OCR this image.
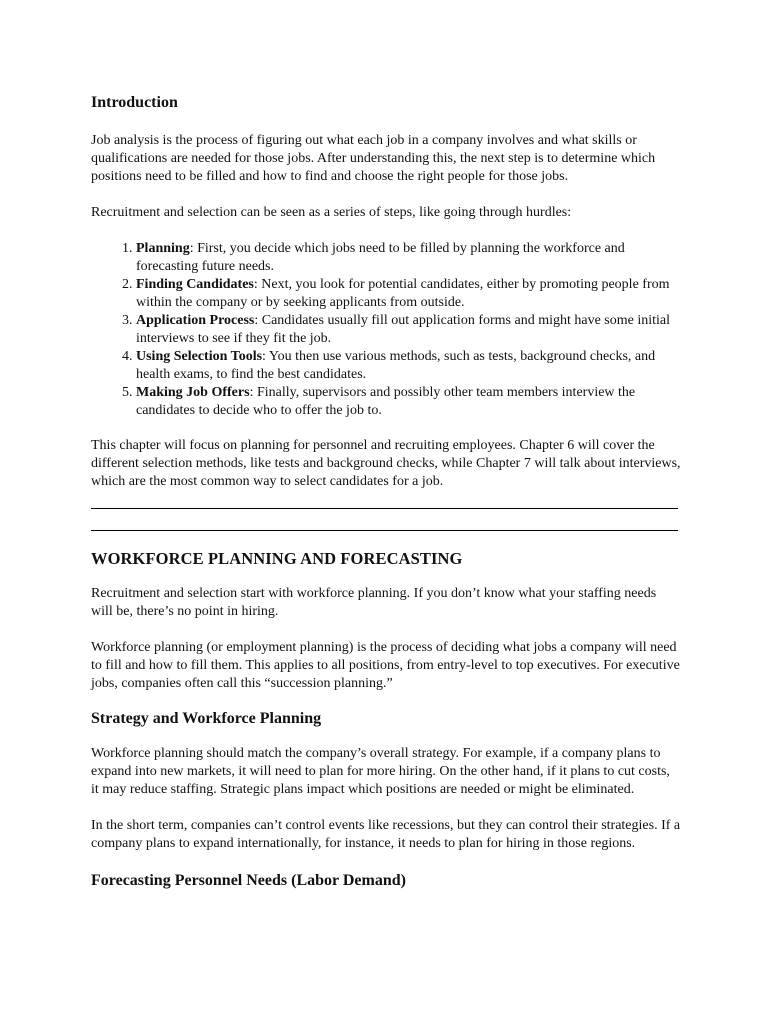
Introduction

Job analysis is the process of figuring out what each job in a company involves and what skills or qualifications are needed for those jobs. After understanding this, the next step is to determine which positions need to be filled and how to find and choose the right people for those jobs.

Recruitment and selection can be seen as a series of steps, like going through hurdles:

1. Planning: First, you decide which jobs need to be filled by planning the workforce and forecasting future needs.
2. Finding Candidates: Next, you look for potential candidates, either by promoting people from within the company or by seeking applicants from outside.
3. Application Process: Candidates usually fill out application forms and might have some initial interviews to see if they fit the job.
4. Using Selection Tools: You then use various methods, such as tests, background checks, and health exams, to find the best candidates.
5. Making Job Offers: Finally, supervisors and possibly other team members interview the candidates to decide who to offer the job to.

This chapter will focus on planning for personnel and recruiting employees. Chapter 6 will cover the different selection methods, like tests and background checks, while Chapter 7 will talk about interviews, which are the most common way to select candidates for a job.

WORKFORCE PLANNING AND FORECASTING

Recruitment and selection start with workforce planning. If you don’t know what your staffing needs will be, there’s no point in hiring.

Workforce planning (or employment planning) is the process of deciding what jobs a company will need to fill and how to fill them. This applies to all positions, from entry-level to top executives. For executive jobs, companies often call this “succession planning.”

Strategy and Workforce Planning

Workforce planning should match the company’s overall strategy. For example, if a company plans to expand into new markets, it will need to plan for more hiring. On the other hand, if it plans to cut costs, it may reduce staffing. Strategic plans impact which positions are needed or might be eliminated.

In the short term, companies can’t control events like recessions, but they can control their strategies. If a company plans to expand internationally, for instance, it needs to plan for hiring in those regions.

Forecasting Personnel Needs (Labor Demand)
